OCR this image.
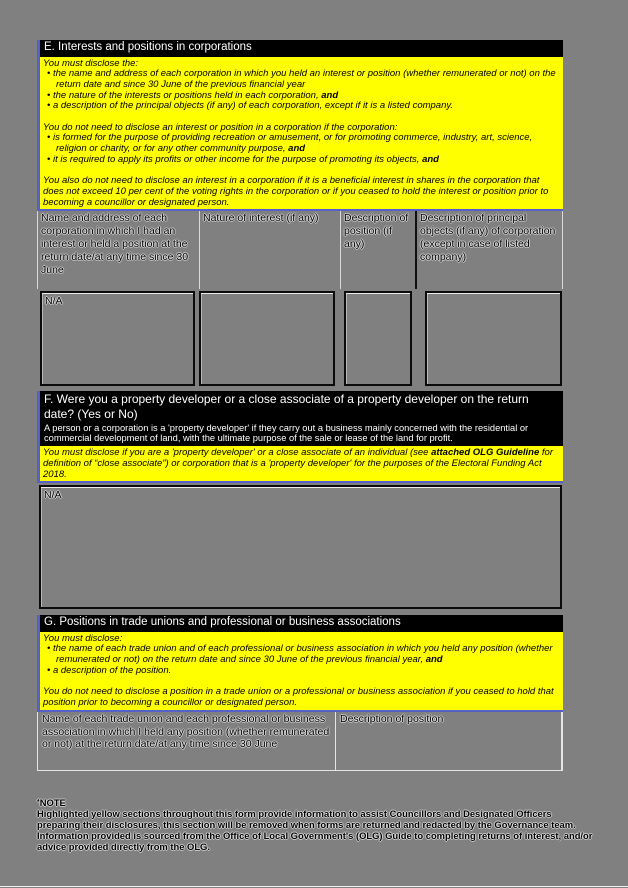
E. Interests and positions in corporations

You must disclose the:

• the name and address of each corporation in which you held an interest or position (whether remunerated or not) on the return date and since 30 June of the previous financial year
• the nature of the interests or positions held in each corporation, and
• a description of the principal objects (if any) of each corporation, except if it is a listed company.

You do not need to disclose an interest or position in a corporation if the corporation:

• is formed for the purpose of providing recreation or amusement, or for promoting commerce, industry, art, science, religion or charity, or for any other community purpose, and
• it is required to apply its profits or other income for the purpose of promoting its objects, and

You also do not need to disclose an interest in a corporation if it is a beneficial interest in shares in the corporation that does not exceed 10 per cent of the voting rights in the corporation or if you ceased to hold the interest or position prior to becoming a councillor or designated person.

Name and address of each corporation in which I had an interest or held a position at the return date/at any time since 30 June
Nature of interest (if any)	Description of position (if any)
Description of principal objects (if any) of corporation (except in case of listed company)
N/A
F. Were you a property developer or a close associate of a property developer on the return date? (Yes or No)
A person or a corporation is a 'property developer' if they carry out a business mainly concerned with the residential or commercial development of land, with the ultimate purpose of the sale or lease of the land for profit.

You must disclose if you are a 'property developer' or a close associate of an individual (see attached OLG Guideline for definition of “close associate”) or corporation that is a 'property developer' for the purposes of the Electoral Funding Act 2018.

N/A
G. Positions in trade unions and professional or business associations

You must disclose:

• the name of each trade union and of each professional or business association in which you held any position (whether remunerated or not) on the return date and since 30 June of the previous financial year, and
• a description of the position.

You do not need to disclose a position in a trade union or a professional or business association if you ceased to hold that position prior to becoming a councillor or designated person.

Name of each trade union and each professional or business association in which I held any position (whether remunerated or not) at the return date/at any time since 30 June
Description of position

*NOTE

Highlighted yellow sections throughout this form provide information to assist Councillors and Designated Officers preparing their disclosures, this section will be removed when forms are returned and redacted by the Governance team. Information provided is sourced from the Office of Local Government's (OLG) Guide to completing returns of interest, and/or advice provided directly from the OLG.
